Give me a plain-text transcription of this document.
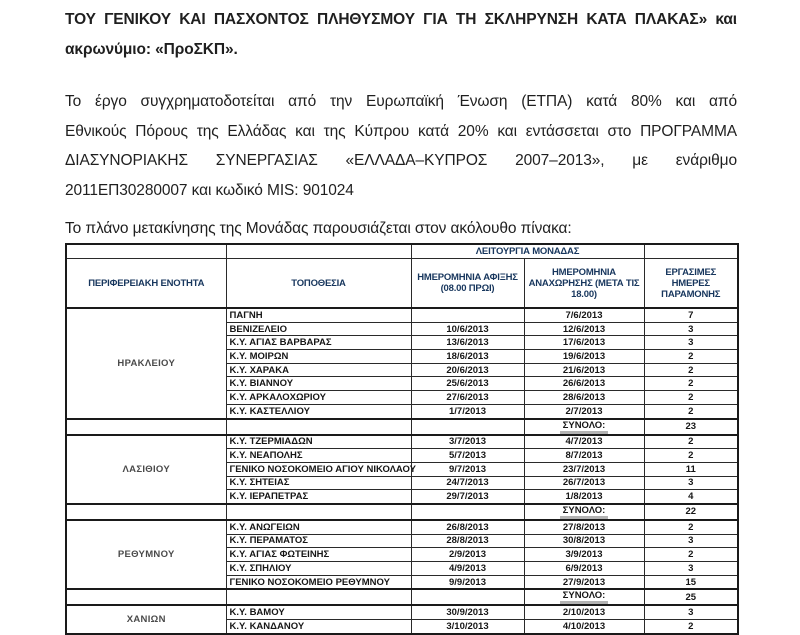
ΤΟΥ ΓΕΝΙΚΟΥ ΚΑΙ ΠΑΣΧΟΝΤΟΣ ΠΛΗΘΥΣΜΟΥ ΓΙΑ ΤΗ ΣΚΛΗΡΥΝΣΗ ΚΑΤΑ ΠΛΑΚΑΣ» και
ακρωνύμιο: «ΠροΣΚΠ».
Το έργο συγχρηματοδοτείται από την Ευρωπαϊκή Ένωση (ΕΤΠΑ) κατά 80% και από
Εθνικούς Πόρους της Ελλάδας και της Κύπρου κατά 20% και εντάσσεται στο ΠΡΟΓΡΑΜΜΑ
ΔΙΑΣΥΝΟΡΙΑΚΗΣ ΣΥΝΕΡΓΑΣΙΑΣ «ΕΛΛΑΔΑ–ΚΥΠΡΟΣ 2007–2013», με ενάριθμο
2011ΕΠ30280007 και κωδικό MIS: 901024
Το πλάνο μετακίνησης της Μονάδας παρουσιάζεται στον ακόλουθο πίνακα:
		ΛΕΙΤΟΥΡΓΙΑ ΜΟΝΑΔΑΣ		
ΠΕΡΙΦΕΡΕΙΑΚΗ ΕΝΟΤΗΤΑ	ΤΟΠΟΘΕΣΙΑ	ΗΜΕΡΟΜΗΝΙΑ ΑΦΙΞΗΣ (08.00 ΠΡΩΙ)	ΗΜΕΡΟΜΗΝΙΑ ΑΝΑΧΩΡΗΣΗΣ (ΜΕΤΑ ΤΙΣ 18.00)	ΕΡΓΑΣΙΜΕΣ ΗΜΕΡΕΣ ΠΑΡΑΜΟΝΗΣ
ΗΡΑΚΛΕΙΟΥ	ΠΑΓΝΗ		7/6/2013	7
	ΒΕΝΙΖΕΛΕΙΟ	10/6/2013	12/6/2013	3
	Κ.Υ. ΑΓΙΑΣ ΒΑΡΒΑΡΑΣ	13/6/2013	17/6/2013	3
	Κ.Υ. ΜΟΙΡΩΝ	18/6/2013	19/6/2013	2
	Κ.Υ. ΧΑΡΑΚΑ	20/6/2013	21/6/2013	2
	Κ.Υ. ΒΙΑΝΝΟΥ	25/6/2013	26/6/2013	2
	Κ.Υ. ΑΡΚΑΛΟΧΩΡΙΟΥ	27/6/2013	28/6/2013	2
	Κ.Υ. ΚΑΣΤΕΛΛΙΟΥ	1/7/2013	2/7/2013	2
			ΣΥΝΟΛΟ:	23
ΛΑΣΙΘΙΟΥ	Κ.Υ. ΤΖΕΡΜΙΑΔΩΝ	3/7/2013	4/7/2013	2
	Κ.Υ. ΝΕΑΠΟΛΗΣ	5/7/2013	8/7/2013	2
	ΓΕΝΙΚΟ ΝΟΣΟΚΟΜΕΙΟ ΑΓΙΟΥ ΝΙΚΟΛΑΟΥ	9/7/2013	23/7/2013	11
	Κ.Υ. ΣΗΤΕΙΑΣ	24/7/2013	26/7/2013	3
	Κ.Υ. ΙΕΡΑΠΕΤΡΑΣ	29/7/2013	1/8/2013	4
			ΣΥΝΟΛΟ:	22
ΡΕΘΥΜΝΟΥ	Κ.Υ. ΑΝΩΓΕΙΩΝ	26/8/2013	27/8/2013	2
	Κ.Υ. ΠΕΡΑΜΑΤΟΣ	28/8/2013	30/8/2013	3
	Κ.Υ. ΑΓΙΑΣ ΦΩΤΕΙΝΗΣ	2/9/2013	3/9/2013	2
	Κ.Υ. ΣΠΗΛΙΟΥ	4/9/2013	6/9/2013	3
	ΓΕΝΙΚΟ ΝΟΣΟΚΟΜΕΙΟ ΡΕΘΥΜΝΟΥ	9/9/2013	27/9/2013	15
			ΣΥΝΟΛΟ:	25
ΧΑΝΙΩΝ	Κ.Υ. ΒΑΜΟΥ	30/9/2013	2/10/2013	3
	Κ.Υ. ΚΑΝΔΑΝΟΥ	3/10/2013	4/10/2013	2
